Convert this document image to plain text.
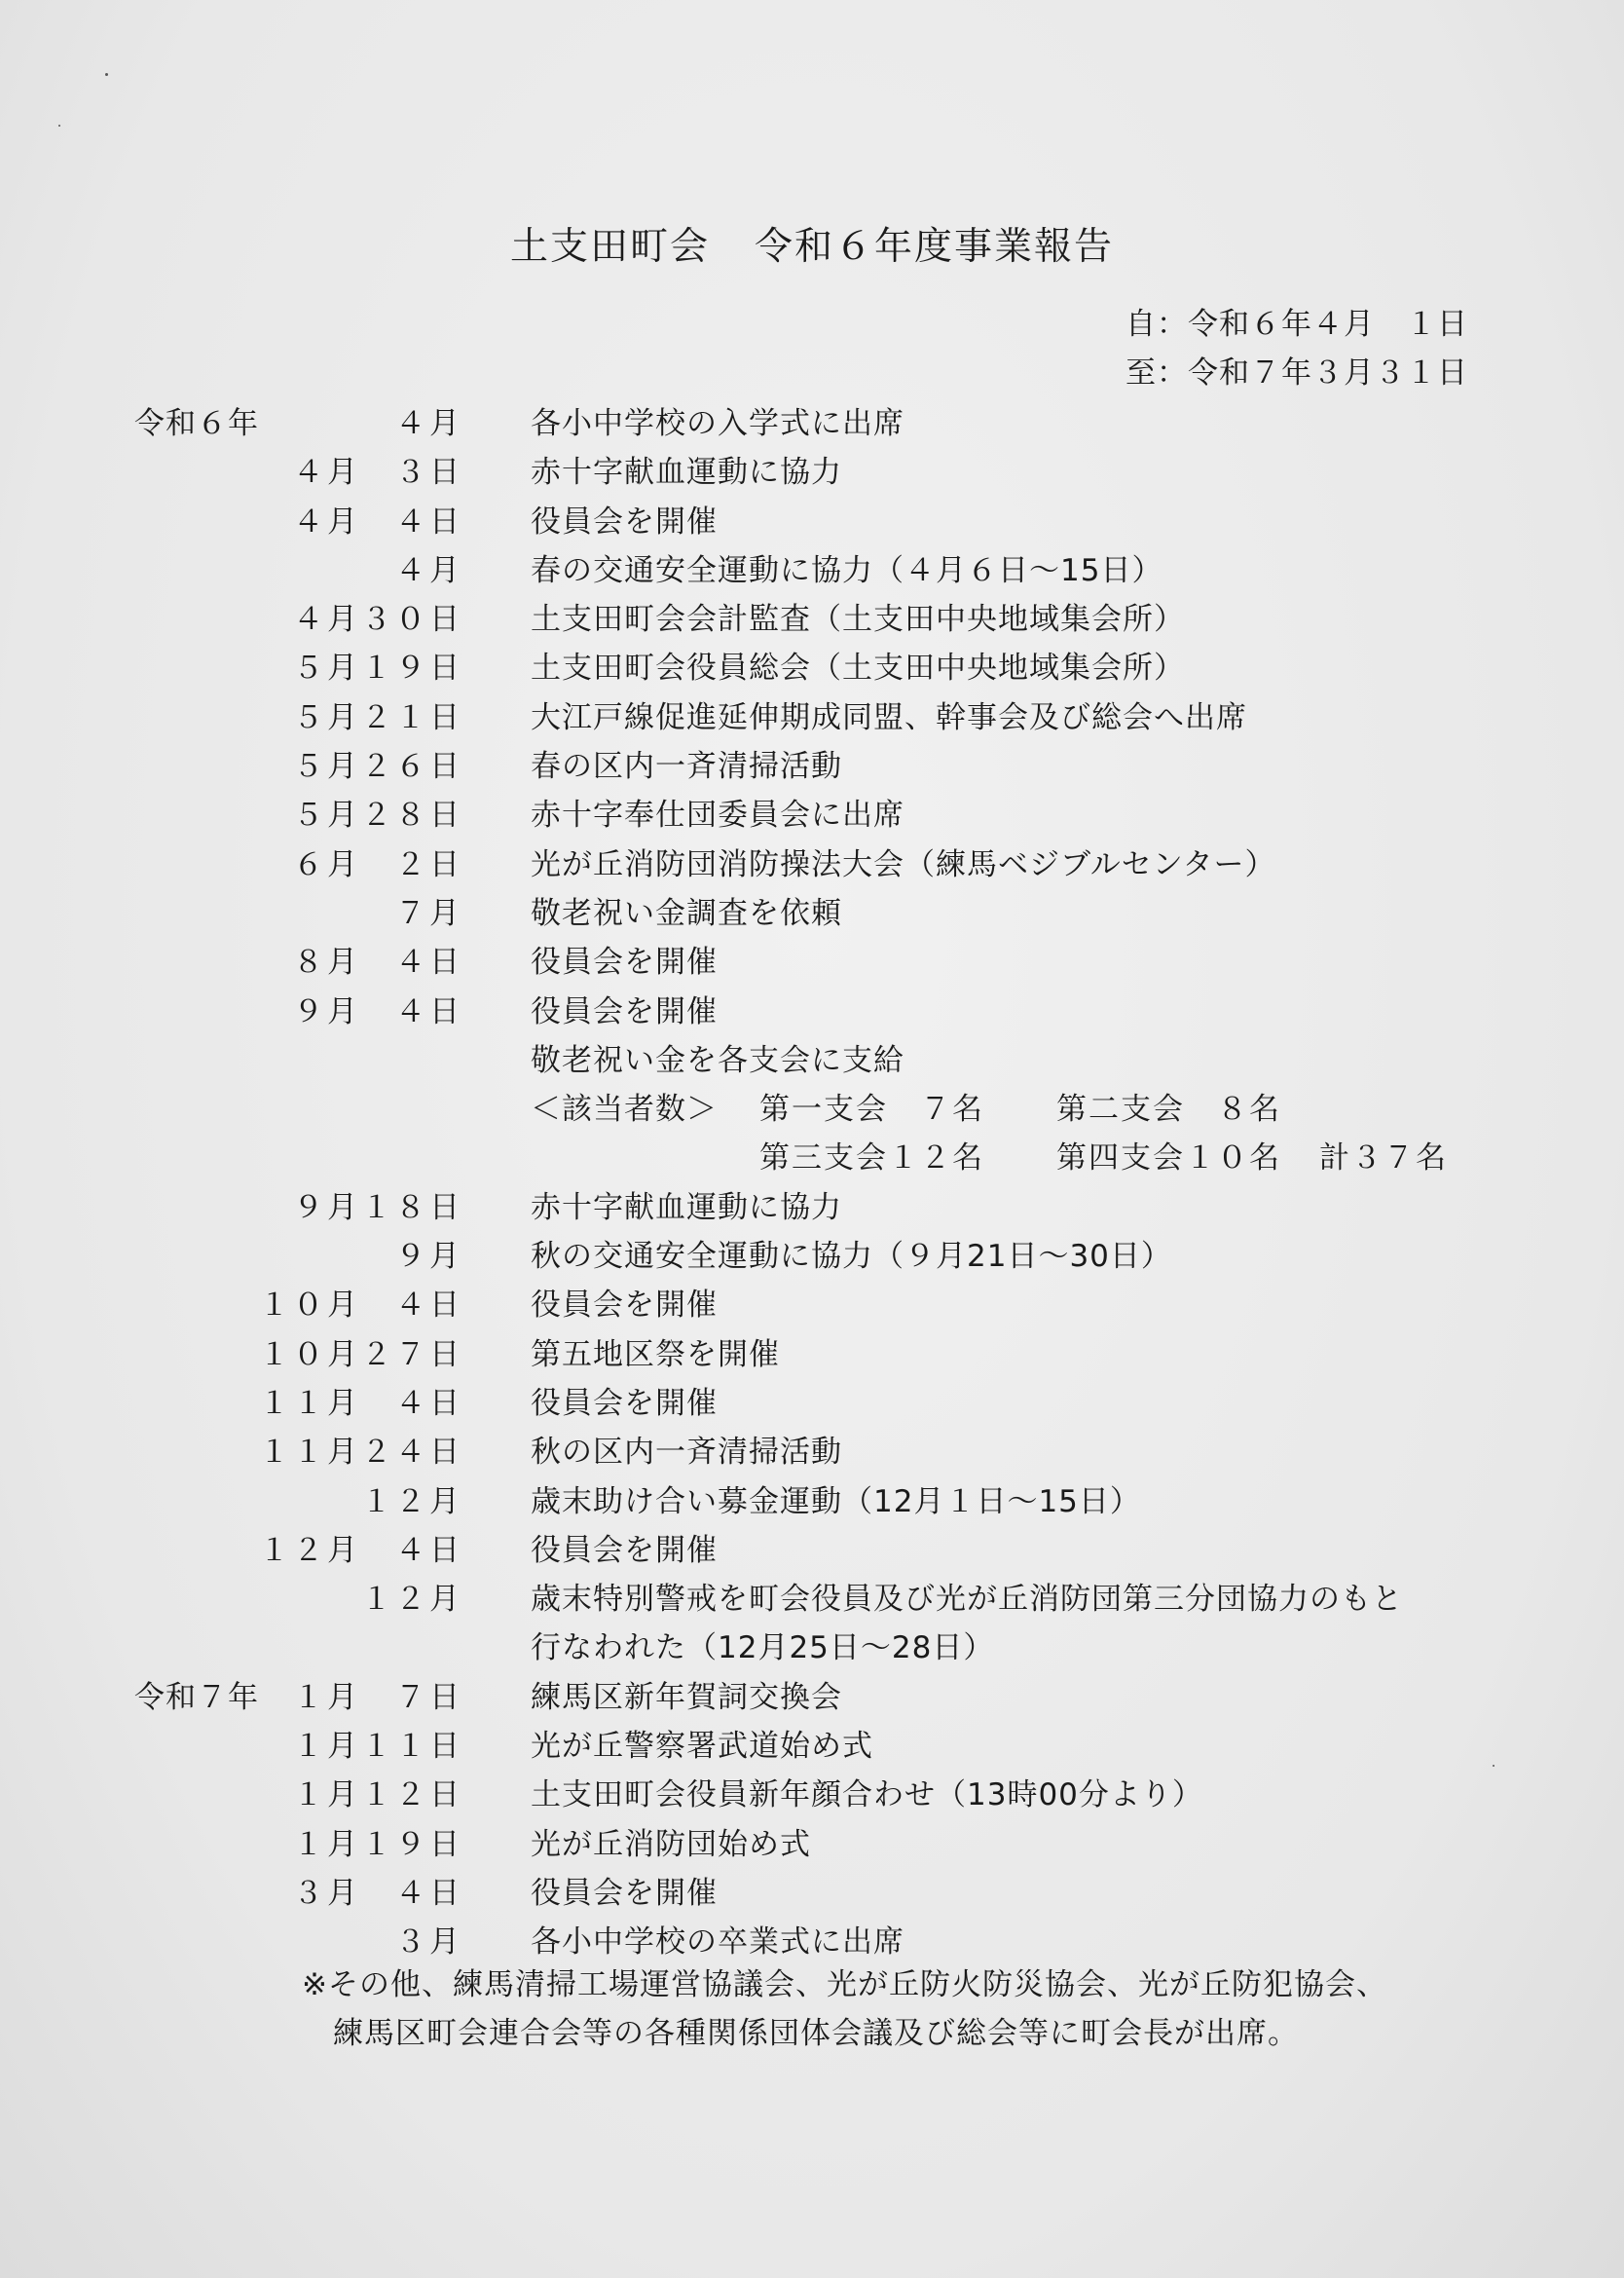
土支田町会 令和６年度事業報告
自：令和６年４月　１日
至：令和７年３月３１日
令和６年	４月 各小中学校の入学式に出席
４月　３日 赤十字献血運動に協力
４月　４日 役員会を開催
４月 春の交通安全運動に協力（４月６日～15日）
４月３０日 土支田町会会計監査（土支田中央地域集会所）
５月１９日 土支田町会役員総会（土支田中央地域集会所）
５月２１日 大江戸線促進延伸期成同盟、幹事会及び総会へ出席
５月２６日 春の区内一斉清掃活動
５月２８日 赤十字奉仕団委員会に出席
６月　２日 光が丘消防団消防操法大会（練馬ベジブルセンター）
７月 敬老祝い金調査を依頼
８月　４日 役員会を開催
９月　４日 役員会を開催
敬老祝い金を各支会に支給
＜該当者数＞ 第一支会　７名 第二支会　８名
第三支会１２名 第四支会１０名 計３７名
９月１８日 赤十字献血運動に協力
９月 秋の交通安全運動に協力（９月21日～30日）
１０月　４日 役員会を開催
１０月２７日 第五地区祭を開催
１１月　４日 役員会を開催
１１月２４日 秋の区内一斉清掃活動
１２月 歳末助け合い募金運動（12月１日～15日）
１２月　４日 役員会を開催
１２月 歳末特別警戒を町会役員及び光が丘消防団第三分団協力のもと
行なわれた（12月25日～28日）
令和７年 １月　７日 練馬区新年賀詞交換会
１月１１日 光が丘警察署武道始め式
１月１２日 土支田町会役員新年顔合わせ（13時00分より）
１月１９日 光が丘消防団始め式
３月　４日 役員会を開催
３月 各小中学校の卒業式に出席
※その他、練馬清掃工場運営協議会、光が丘防火防災協会、光が丘防犯協会、
練馬区町会連合会等の各種関係団体会議及び総会等に町会長が出席。
